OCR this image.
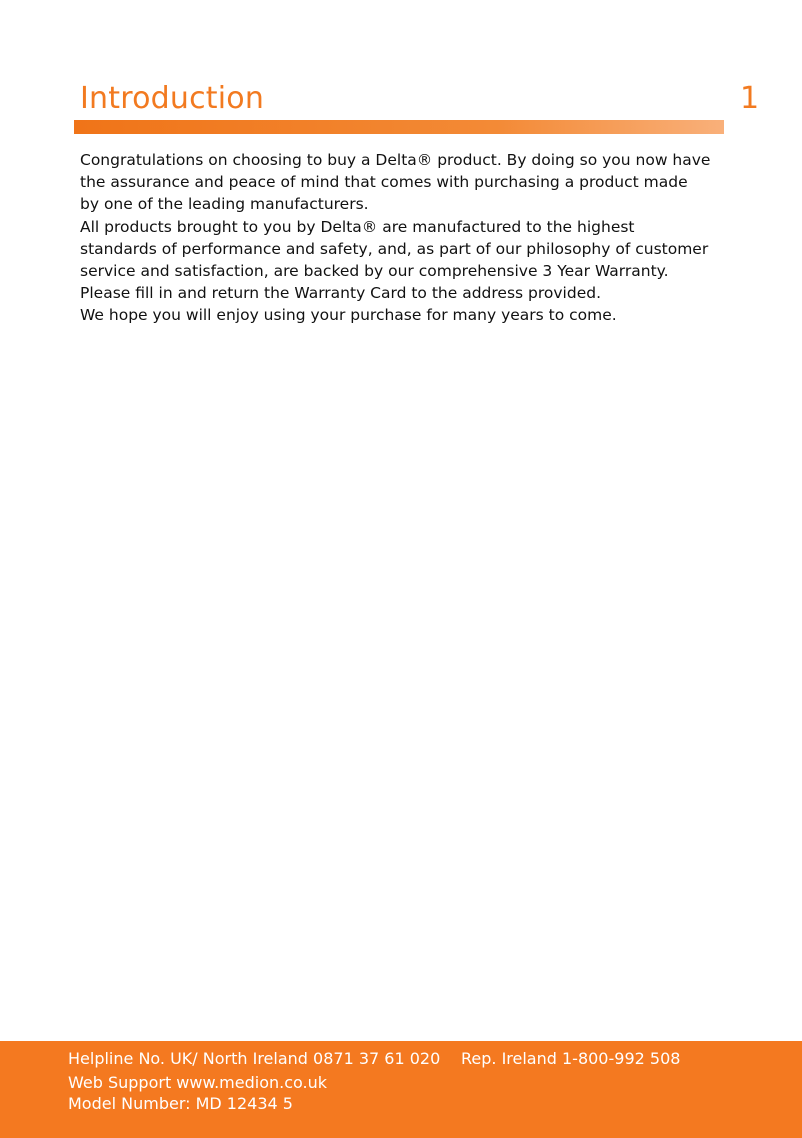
Introduction	1
Congratulations on choosing to buy a Delta® product. By doing so you now have
the assurance and peace of mind that comes with purchasing a product made
by one of the leading manufacturers.
All products brought to you by Delta® are manufactured to the highest
standards of performance and safety, and, as part of our philosophy of customer
service and satisfaction, are backed by our comprehensive 3 Year Warranty.
Please fill in and return the Warranty Card to the address provided.
We hope you will enjoy using your purchase for many years to come.
Helpline No. UK/ North Ireland 0871 37 61 020 Rep. Ireland 1-800-992 508
Web Support www.medion.co.uk
Model Number: MD 12434 5
